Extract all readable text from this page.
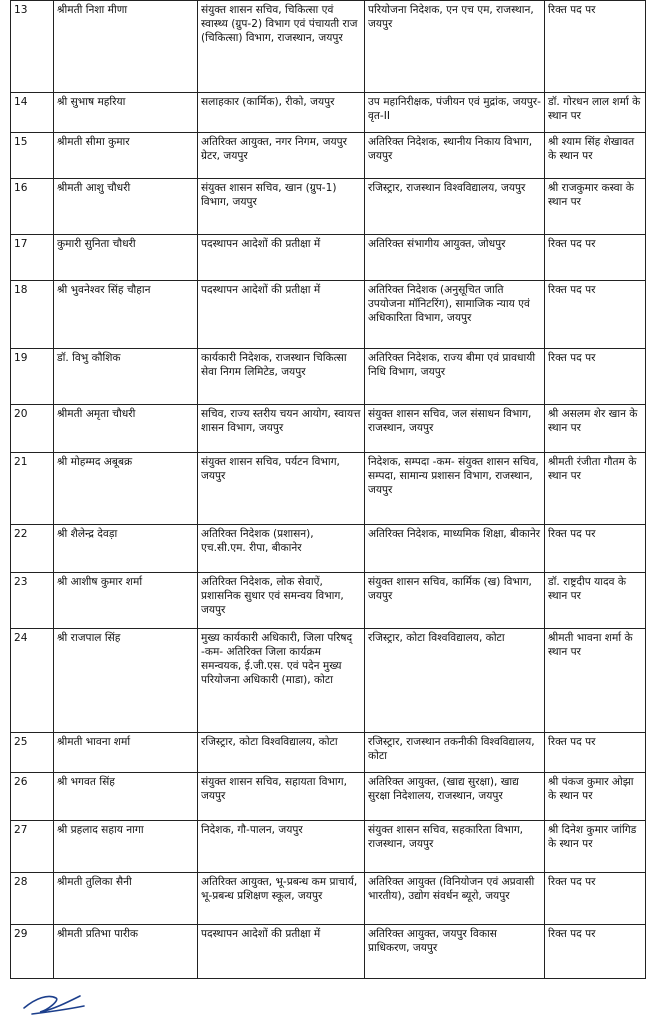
13	श्रीमती निशा मीणा	संयुक्त शासन सचिव, चिकित्सा एवं स्वास्थ्य (ग्रुप-2) विभाग एवं पंचायती राज (चिकित्सा) विभाग, राजस्थान, जयपुर	परियोजना निदेशक, एन एच एम, राजस्थान, जयपुर	रिक्त पद पर
14	श्री सुभाष महरिया	सलाहकार (कार्मिक), रीको, जयपुर	उप महानिरीक्षक, पंजीयन एवं मुद्रांक, जयपुर-वृत-II	डॉ. गोरधन लाल शर्मा के स्थान पर
15	श्रीमती सीमा कुमार	अतिरिक्त आयुक्त, नगर निगम, जयपुर ग्रेटर, जयपुर	अतिरिक्त निदेशक, स्थानीय निकाय विभाग, जयपुर	श्री श्याम सिंह शेखावत के स्थान पर
16	श्रीमती आशु चौधरी	संयुक्त शासन सचिव, खान (ग्रुप-1) विभाग, जयपुर	रजिस्ट्रार, राजस्थान विश्वविद्यालय, जयपुर	श्री राजकुमार कस्वा के स्थान पर
17	कुमारी सुनिता चौधरी	पदस्थापन आदेशों की प्रतीक्षा में	अतिरिक्त संभागीय आयुक्त, जोधपुर	रिक्त पद पर
18	श्री भुवनेश्वर सिंह चौहान	पदस्थापन आदेशों की प्रतीक्षा में	अतिरिक्त निदेशक (अनुसूचित जाति उपयोजना मॉनिटरिंग), सामाजिक न्याय एवं अधिकारिता विभाग, जयपुर	रिक्त पद पर
19	डॉ. विभु कौशिक	कार्यकारी निदेशक, राजस्थान चिकित्सा सेवा निगम लिमिटेड, जयपुर	अतिरिक्त निदेशक, राज्य बीमा एवं प्रावधायी निधि विभाग, जयपुर	रिक्त पद पर
20	श्रीमती अमृता चौधरी	सचिव, राज्य स्तरीय चयन आयोग, स्वायत्त शासन विभाग, जयपुर	संयुक्त शासन सचिव, जल संसाधन विभाग, राजस्थान, जयपुर	श्री असलम शेर खान के स्थान पर
21	श्री मोहम्मद अबूबक्र	संयुक्त शासन सचिव, पर्यटन विभाग, जयपुर	निदेशक, सम्पदा -कम- संयुक्त शासन सचिव, सम्पदा, सामान्य प्रशासन विभाग, राजस्थान, जयपुर	श्रीमती रंजीता गौतम के स्थान पर
22	श्री शैलेन्द्र देवड़ा	अतिरिक्त निदेशक (प्रशासन), एच.सी.एम. रीपा, बीकानेर	अतिरिक्त निदेशक, माध्यमिक शिक्षा, बीकानेर	रिक्त पद पर
23	श्री आशीष कुमार शर्मा	अतिरिक्त निदेशक, लोक सेवाऐं, प्रशासनिक सुधार एवं समन्वय विभाग, जयपुर	संयुक्त शासन सचिव, कार्मिक (ख) विभाग, जयपुर	डॉ. राष्ट्रदीप यादव के स्थान पर
24	श्री राजपाल सिंह	मुख्य कार्यकारी अधिकारी, जिला परिषद् -कम- अतिरिक्त जिला कार्यक्रम समन्वयक, ई.जी.एस. एवं पदेन मुख्य परियोजना अधिकारी (माडा), कोटा	रजिस्ट्रार, कोटा विश्वविद्यालय, कोटा	श्रीमती भावना शर्मा के स्थान पर
25	श्रीमती भावना शर्मा	रजिस्ट्रार, कोटा विश्वविद्यालय, कोटा	रजिस्ट्रार, राजस्थान तकनीकी विश्वविद्यालय, कोटा	रिक्त पद पर
26	श्री भगवत सिंह	संयुक्त शासन सचिव, सहायता विभाग, जयपुर	अतिरिक्त आयुक्त, (खाद्य सुरक्षा), खाद्य सुरक्षा निदेशालय, राजस्थान, जयपुर	श्री पंकज कुमार ओझा के स्थान पर
27	श्री प्रहलाद सहाय नागा	निदेशक, गौ-पालन, जयपुर	संयुक्त शासन सचिव, सहकारिता विभाग, राजस्थान, जयपुर	श्री दिनेश कुमार जांगिड के स्थान पर
28	श्रीमती तुलिका सैनी	अतिरिक्त आयुक्त, भू-प्रबन्ध कम प्राचार्य, भू-प्रबन्ध प्रशिक्षण स्कूल, जयपुर	अतिरिक्त आयुक्त (विनियोजन एवं अप्रवासी भारतीय), उद्योग संवर्धन ब्यूरो, जयपुर	रिक्त पद पर
29	श्रीमती प्रतिभा पारीक	पदस्थापन आदेशों की प्रतीक्षा में	अतिरिक्त आयुक्त, जयपुर विकास प्राधिकरण, जयपुर	रिक्त पद पर
